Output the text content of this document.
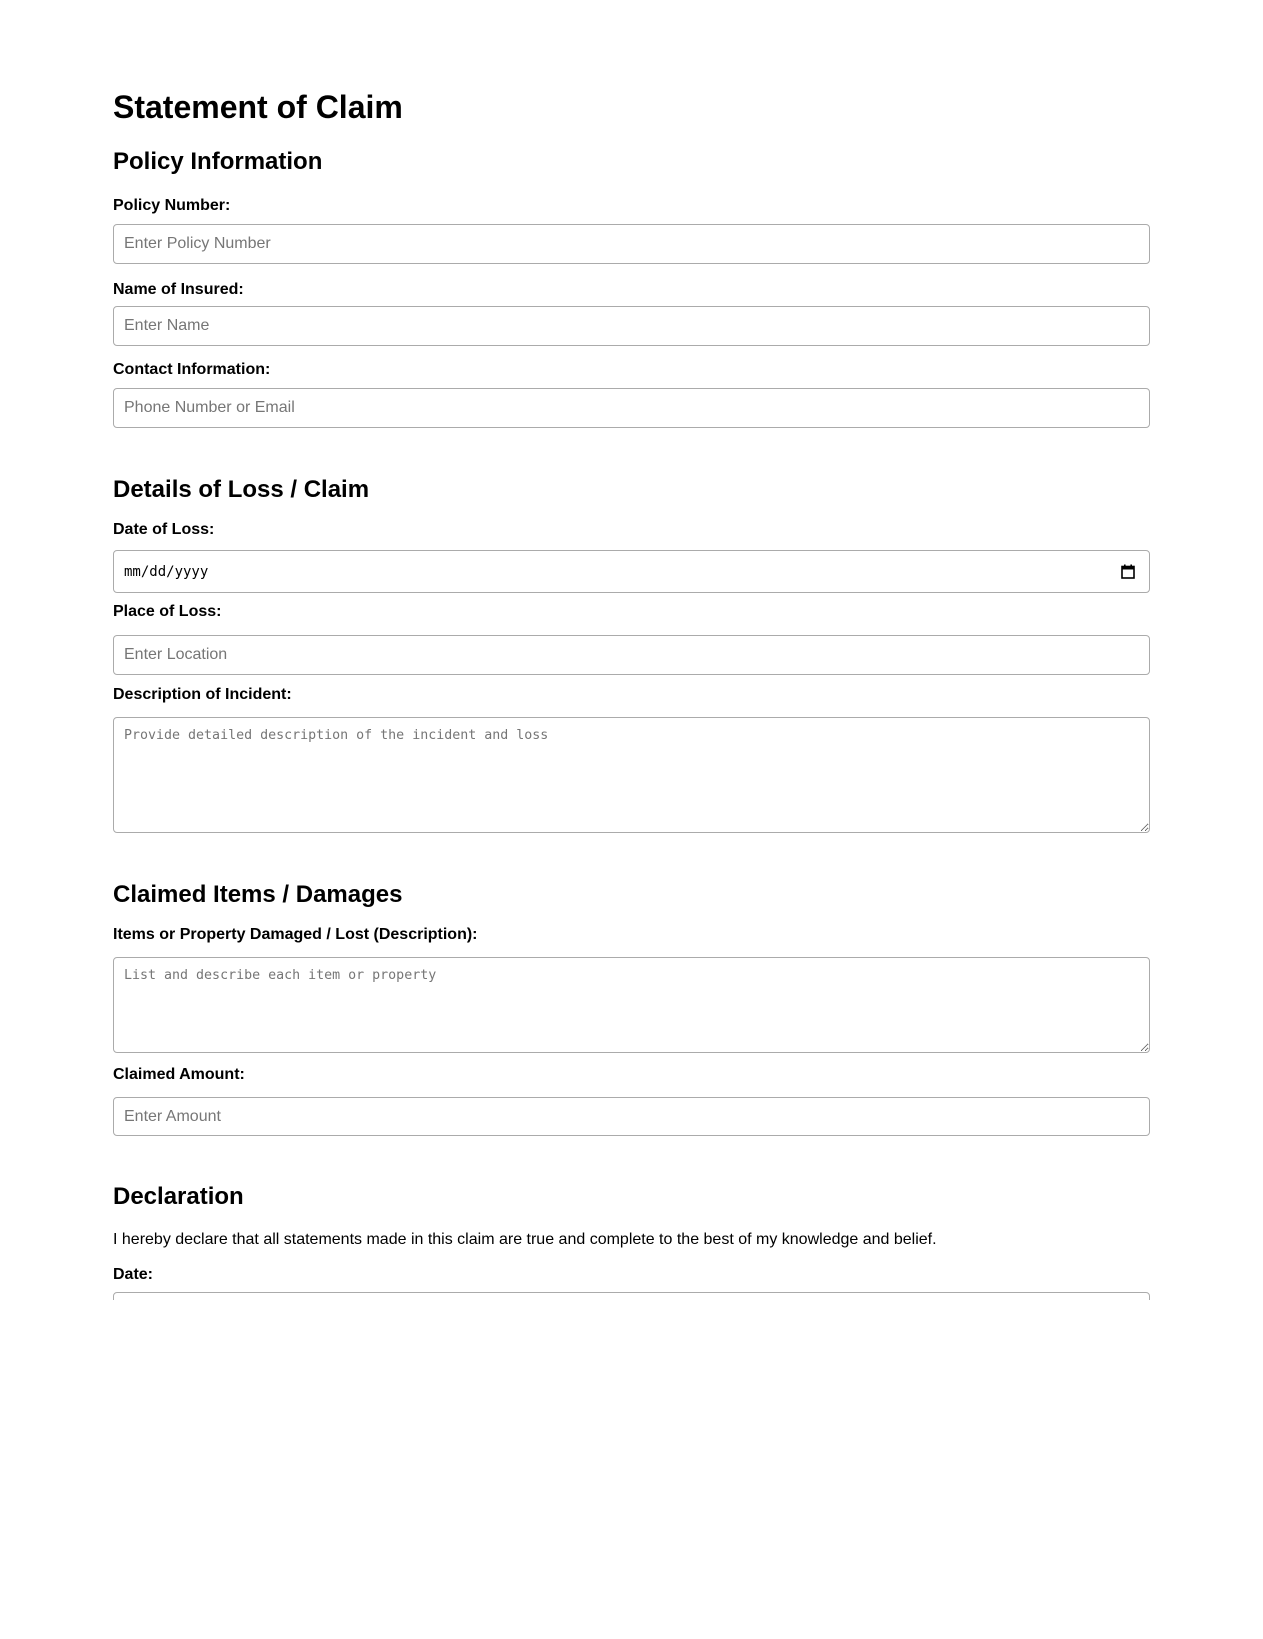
Statement of Claim
Policy Information
Policy Number:
Enter Policy Number
Name of Insured:
Enter Name
Contact Information:
Phone Number or Email
Details of Loss / Claim
Date of Loss:
mm/dd/yyyy
Place of Loss:
Enter Location
Description of Incident:
Provide detailed description of the incident and loss
Claimed Items / Damages
Items or Property Damaged / Lost (Description):
List and describe each item or property
Claimed Amount:
Enter Amount
Declaration

I hereby declare that all statements made in this claim are true and complete to the best of my knowledge and belief.

Date:
